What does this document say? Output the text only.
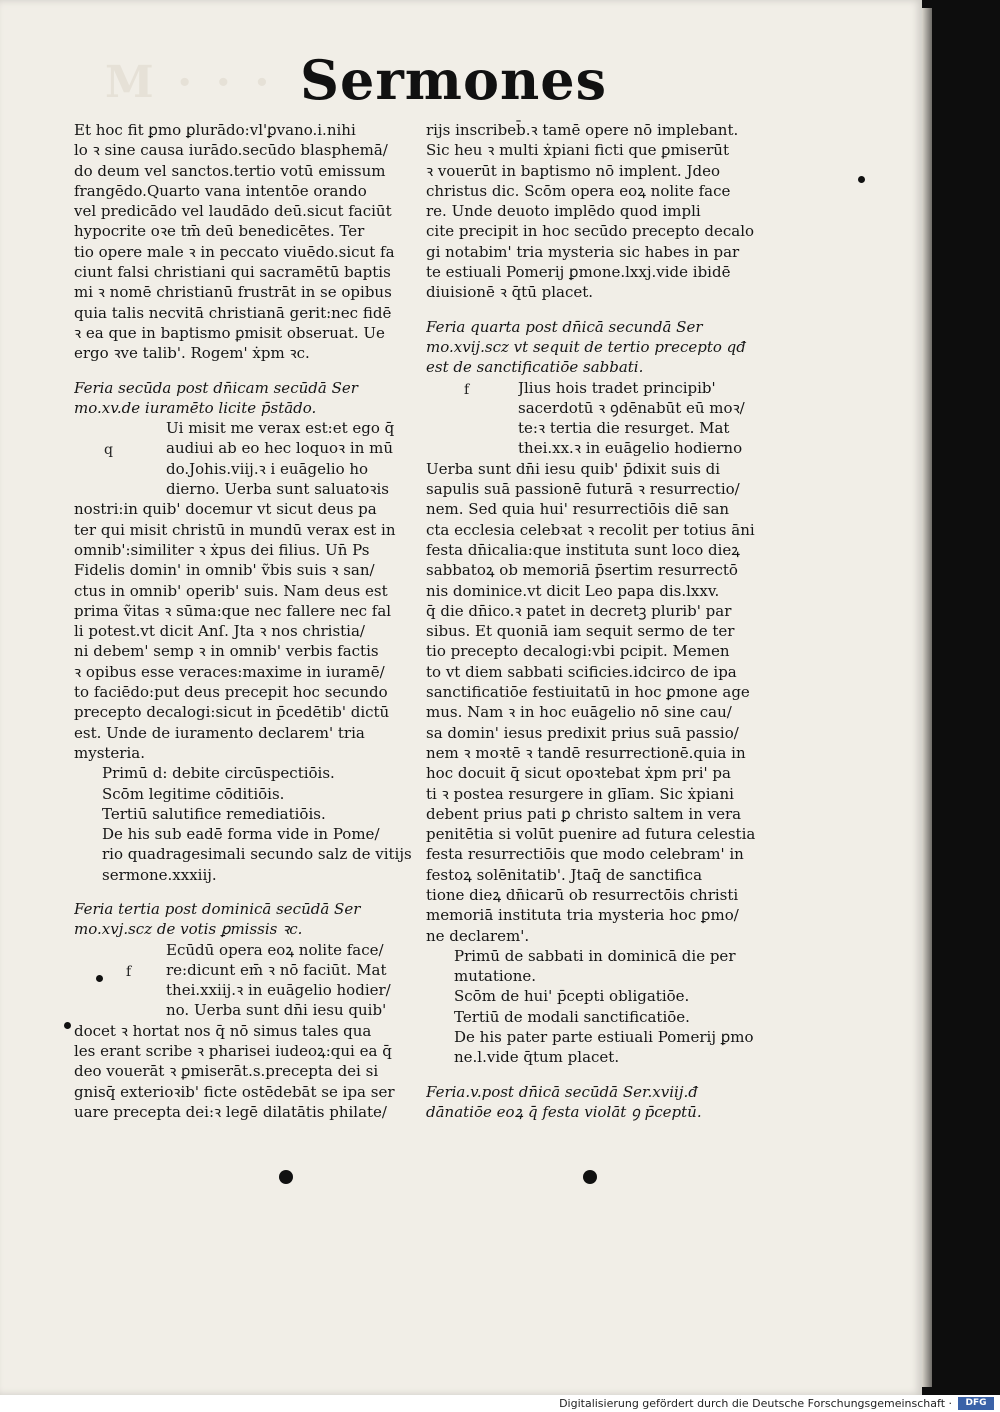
M · · · Sermones
Et hoc fit ꝑmo ꝑlurādo:vl'ꝑvano.i.nihi
lo ꝛ sine causa iurādo.secūdo blasphemā/
do deum vel sanctos.tertio votū emissum
frangēdo.Quarto vana intentōe orando
vel predicādo vel laudādo deū.sicut faciūt
hypocrite oꝛe tm̄ deū benedicētes. Ter
tio opere male ꝛ in peccato viuēdo.sicut fa
ciunt falsi christiani qui sacramētū baptis
mi ꝛ nomē christianū frustrāt in se opibus
quia talis necvitā christianā gerit:nec fidē
ꝛ ea que in baptismo ꝑmisit obseruat. Ue
ergo ꝛve talib'. Rogem' ẋpm ꝛc.
Feria secūda post dn̄icam secūdā Ser
mo.xv.de iuramēto licite p̄stādo.
q
Ui misit me verax est:et ego q̄
audiui ab eo hec loquoꝛ in mū
do.Johis.viij.ꝛ i euāgelio ho
dierno. Uerba sunt saluatoꝛis
nostri:in quib' docemur vt sicut deus pa
ter qui misit christū in mundū verax est in
omnib':similiter ꝛ ẋpus dei filius. Un̄ Ps
Fidelis domin' in omnib' ṽbis suis ꝛ san/
ctus in omnib' operib' suis. Nam deus est
prima ṽitas ꝛ sūma:que nec fallere nec fal
li potest.vt dicit Anſ. Jta ꝛ nos christia/
ni debem' semp ꝛ in omnib' verbis factis
ꝛ opibus esse veraces:maxime in iuramē/
to faciēdo:put deus precepit hoc secundo
precepto decalogi:sicut in p̄cedētib' dictū
est. Unde de iuramento declarem' tria
mysteria.
Primū d: debite circūspectiōis.
Scōm legitime cōditiōis.
Tertiū salutifice remediatiōis.
De his sub eadē forma vide in Pome/
rio quadragesimali secundo salz de vitijs
sermone.xxxiij.
Feria tertia post dominicā secūdā Ser
mo.xvj.scz de votis ꝑmissis ꝛc.
f
Ecūdū opera eoꝝ nolite face/
re:dicunt em̄ ꝛ nō faciūt. Mat
thei.xxiij.ꝛ in euāgelio hodier/
no. Uerba sunt dn̄i iesu quib'
docet ꝛ hortat nos q̄ nō simus tales qua
les erant scribe ꝛ pharisei iudeoꝝ:qui ea q̄
deo vouerāt ꝛ ꝑmiserāt.s.precepta dei si
gnisq̄ exterioꝛib' ficte ostēdebāt se ipa ser
uare precepta dei:ꝛ legē dilatātis philate/
rijs inscribeb̄.ꝛ tamē opere nō implebant.
Sic heu ꝛ multi ẋpiani ficti que ꝑmiserūt
ꝛ vouerūt in baptismo nō implent. Jdeo
christus dic. Scōm opera eoꝝ nolite face
re. Unde deuoto implēdo quod impli
cite precipit in hoc secūdo precepto decalo
gi notabim' tria mysteria sic habes in par
te estiuali Pomerij ꝑmone.lxxj.vide ibidē
diuisionē ꝛ q̄tū placet.
Feria quarta post dn̄icā secundā Ser
mo.xvij.scz vt sequit de tertio precepto qđ
est de sanctificatiōe sabbati.
f	Jlius hois tradet principib'
sacerdotū ꝛ ꝯdēnabūt eū moꝛ/
te:ꝛ tertia die resurget. Mat
thei.xx.ꝛ in euāgelio hodierno
Uerba sunt dn̄i iesu quib' p̄dixit suis di
sapulis suā passionē futurā ꝛ resurrectio/
nem. Sed quia hui' resurrectiōis diē san
cta ecclesia celebꝛat ꝛ recolit per totius āni
festa dn̄icalia:que instituta sunt loco dieꝝ
sabbatoꝝ ob memoriā p̄sertim resurrectō
nis dominice.vt dicit Leo papa dis.lxxv.
q̄ die dn̄ico.ꝛ patet in decretꝫ plurib' par
sibus. Et quoniā iam sequit sermo de ter
tio precepto decalogi:vbi pcipit. Memen
to vt diem sabbati scificies.idcirco de ipa
sanctificatiōe festiuitatū in hoc ꝑmone age
mus. Nam ꝛ in hoc euāgelio nō sine cau/
sa domin' iesus predixit prius suā passio/
nem ꝛ moꝛtē ꝛ tandē resurrectionē.quia in
hoc docuit q̄ sicut opoꝛtebat ẋpm pri' pa
ti ꝛ postea resurgere in glīam. Sic ẋpiani
debent prius pati ꝑ christo saltem in vera
penitētia si volūt puenire ad futura celestia
festa resurrectiōis que modo celebram' in
festoꝝ solēnitatib'. Jtaq̄ de sanctifica
tione dieꝝ dn̄icarū ob resurrectōis christi
memoriā instituta tria mysteria hoc ꝑmo/
ne declarem'.
Primū de sabbati in dominicā die per
mutatione.
Scōm de hui' p̄cepti obligatiōe.
Tertiū de modali sanctificatiōe.
De his pater parte estiuali Pomerij ꝑmo
ne.l.vide q̄tum placet.
Feria.v.post dn̄icā secūdā Ser.xviij.đ
dānatiōe eoꝝ q̄ festa violāt ꝯ p̄ceptū.
Digitalisierung gefördert durch die Deutsche Forschungsgemeinschaft ·	DFG
